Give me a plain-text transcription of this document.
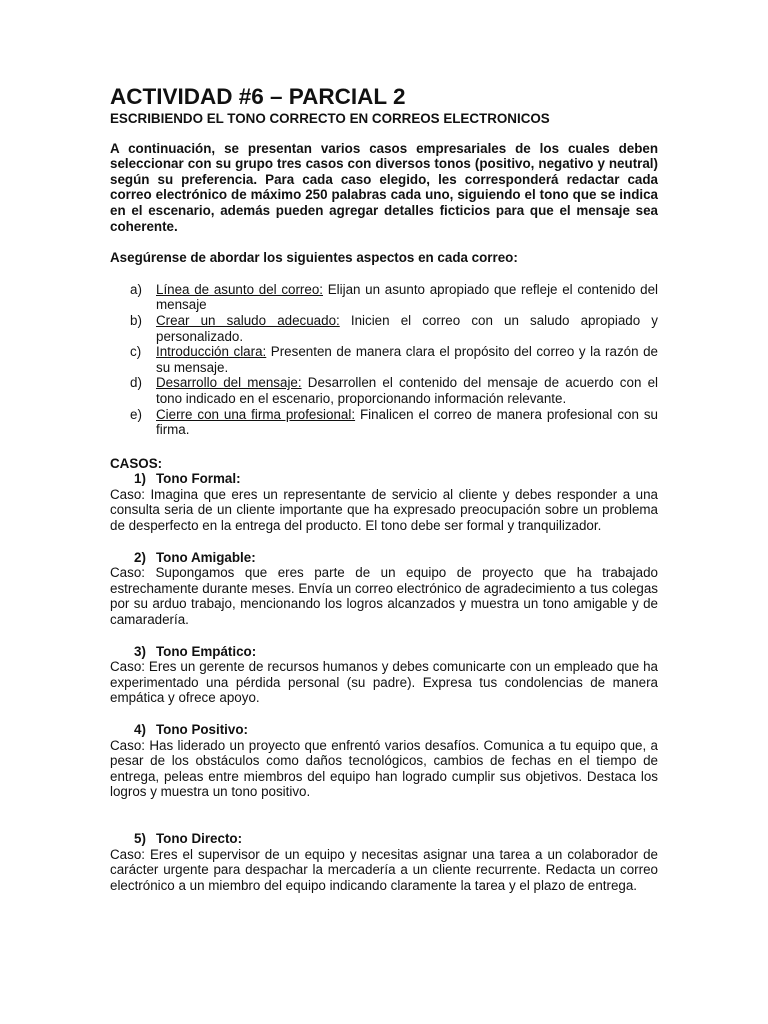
ACTIVIDAD #6 – PARCIAL 2

ESCRIBIENDO EL TONO CORRECTO EN CORREOS ELECTRONICOS

A continuación, se presentan varios casos empresariales de los cuales deben seleccionar con su grupo tres casos con diversos tonos (positivo, negativo y neutral) según su preferencia. Para cada caso elegido, les corresponderá redactar cada correo electrónico de máximo 250 palabras cada uno, siguiendo el tono que se indica en el escenario, además pueden agregar detalles ficticios para que el mensaje sea coherente.

Asegúrense de abordar los siguientes aspectos en cada correo:

a)	Línea de asunto del correo: Elijan un asunto apropiado que refleje el contenido del mensaje
b)	Crear un saludo adecuado: Inicien el correo con un saludo apropiado y personalizado.
c)	Introducción clara: Presenten de manera clara el propósito del correo y la razón de su mensaje.
d)	Desarrollo del mensaje: Desarrollen el contenido del mensaje de acuerdo con el tono indicado en el escenario, proporcionando información relevante.
e)	Cierre con una firma profesional: Finalicen el correo de manera profesional con su firma.

CASOS:

1) Tono Formal:

Caso: Imagina que eres un representante de servicio al cliente y debes responder a una consulta seria de un cliente importante que ha expresado preocupación sobre un problema de desperfecto en la entrega del producto. El tono debe ser formal y tranquilizador.

2) Tono Amigable:

Caso: Supongamos que eres parte de un equipo de proyecto que ha trabajado estrechamente durante meses. Envía un correo electrónico de agradecimiento a tus colegas por su arduo trabajo, mencionando los logros alcanzados y muestra un tono amigable y de camaradería.

3) Tono Empático:

Caso: Eres un gerente de recursos humanos y debes comunicarte con un empleado que ha experimentado una pérdida personal (su padre). Expresa tus condolencias de manera empática y ofrece apoyo.

4) Tono Positivo:

Caso: Has liderado un proyecto que enfrentó varios desafíos. Comunica a tu equipo que, a pesar de los obstáculos como daños tecnológicos, cambios de fechas en el tiempo de entrega, peleas entre miembros del equipo han logrado cumplir sus objetivos. Destaca los logros y muestra un tono positivo.

5) Tono Directo:

Caso: Eres el supervisor de un equipo y necesitas asignar una tarea a un colaborador de carácter urgente para despachar la mercadería a un cliente recurrente. Redacta un correo electrónico a un miembro del equipo indicando claramente la tarea y el plazo de entrega.
